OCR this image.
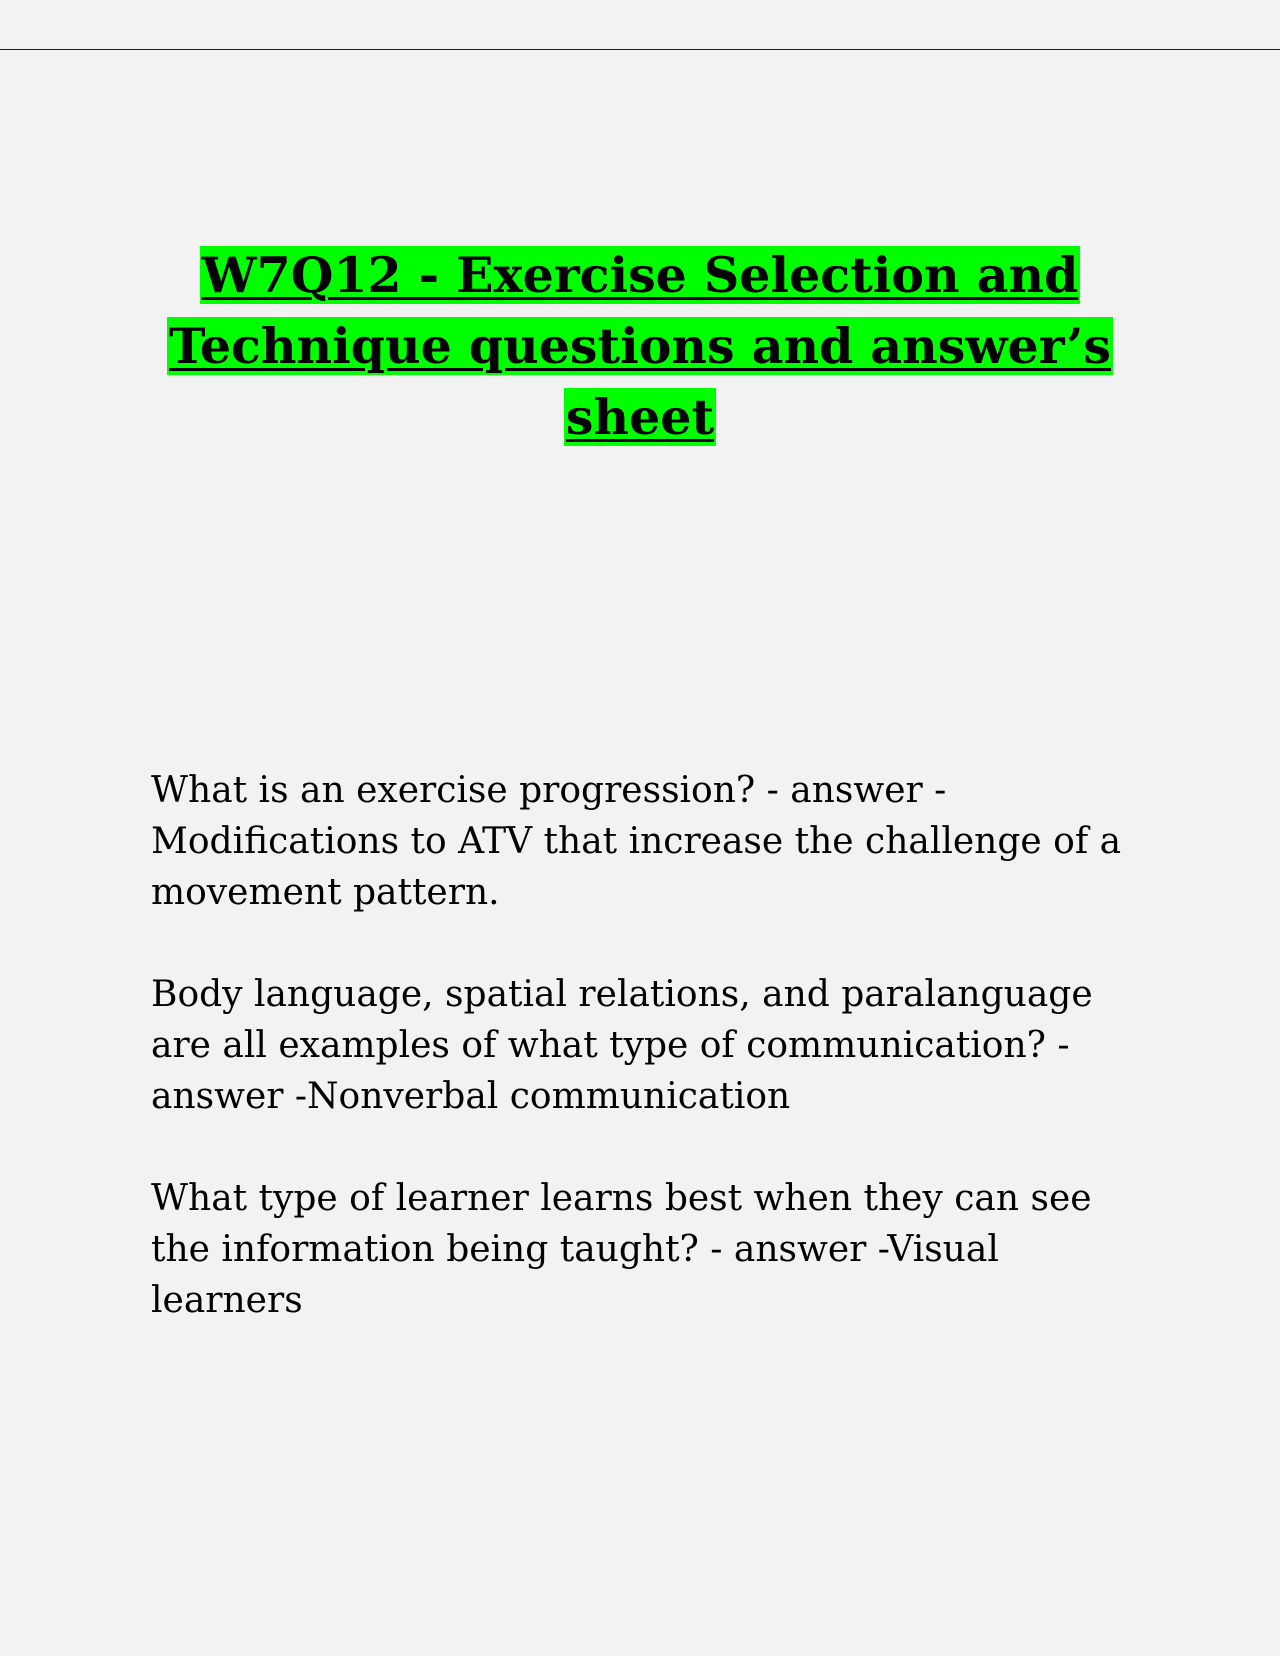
W7Q12 - Exercise Selection and Technique questions and answer’s sheet

What is an exercise progression? - answer -Modifications to ATV that increase the challenge of a movement pattern.

Body language, spatial relations, and paralanguage are all examples of what type of communication? - answer -Nonverbal communication

What type of learner learns best when they can see the information being taught? - answer -Visual learners
